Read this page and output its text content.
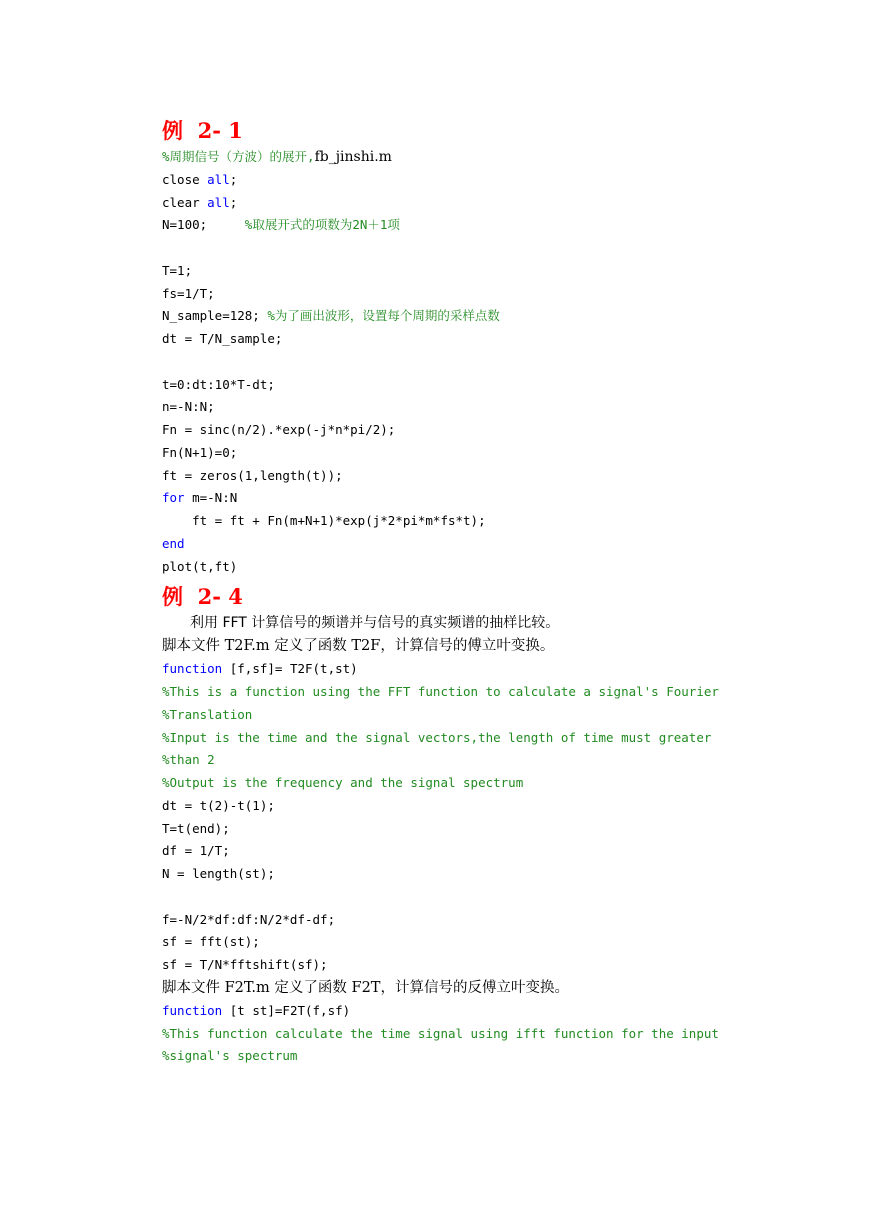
例  2- 1
%周期信号（方波）的展开,fb_jinshi.m
close all;
clear all;
N=100;     %取展开式的项数为2N＋1项
T=1;
fs=1/T;
N_sample=128; %为了画出波形，设置每个周期的采样点数
dt = T/N_sample;
t=0:dt:10*T-dt;
n=-N:N;
Fn = sinc(n/2).*exp(-j*n*pi/2);
Fn(N+1)=0;
ft = zeros(1,length(t));
for m=-N:N
ft = ft + Fn(m+N+1)*exp(j*2*pi*m*fs*t);
end
plot(t,ft)
例  2- 4
利用 FFT 计算信号的频谱并与信号的真实频谱的抽样比较。
脚本文件 T2F.m 定义了函数 T2F，计算信号的傅立叶变换。
function [f,sf]= T2F(t,st)
%This is a function using the FFT function to calculate a signal's Fourier
%Translation
%Input is the time and the signal vectors,the length of time must greater
%than 2
%Output is the frequency and the signal spectrum
dt = t(2)-t(1);
T=t(end);
df = 1/T;
N = length(st);
f=-N/2*df:df:N/2*df-df;
sf = fft(st);
sf = T/N*fftshift(sf);
脚本文件 F2T.m 定义了函数 F2T，计算信号的反傅立叶变换。
function [t st]=F2T(f,sf)
%This function calculate the time signal using ifft function for the input
%signal's spectrum
